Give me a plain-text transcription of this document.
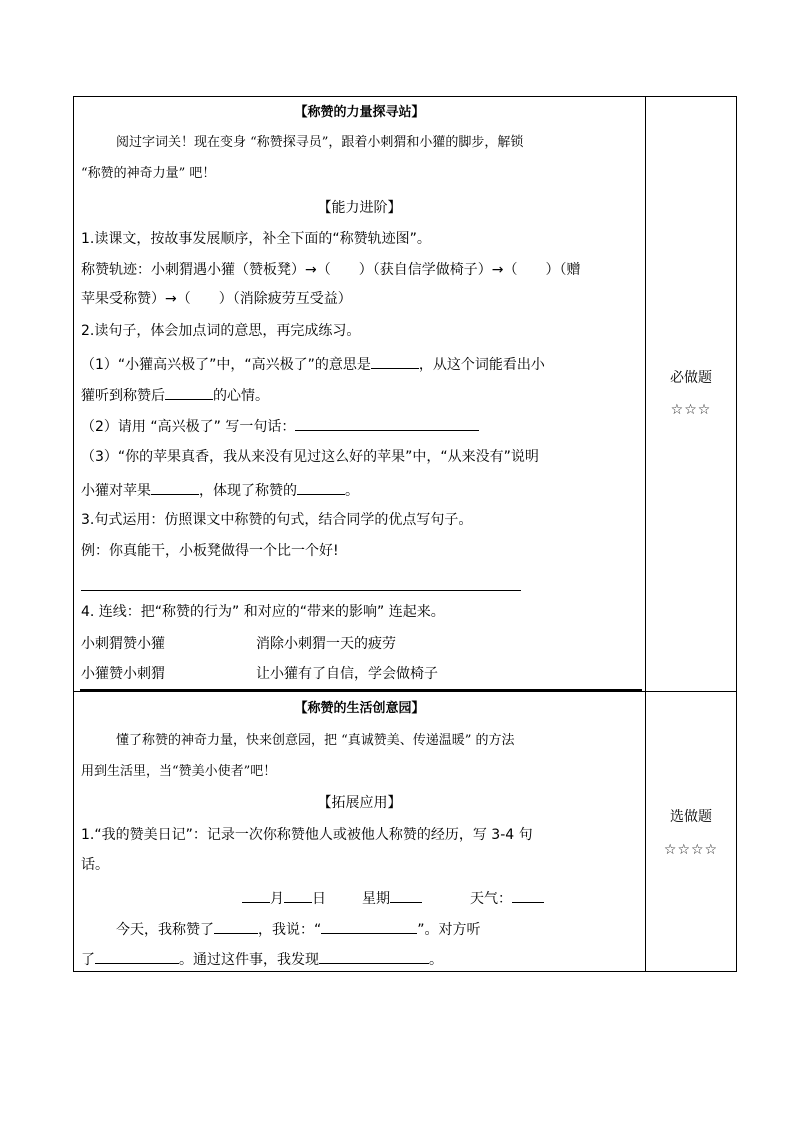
【称赞的力量探寻站】
阅过字词关！现在变身 “称赞探寻员”，跟着小刺猬和小獾的脚步，解锁
“称赞的神奇力量” 吧！
【能力进阶】
1.读课文，按故事发展顺序，补全下面的“称赞轨迹图”。
称赞轨迹：小刺猬遇小獾（赞板凳）→（　　）（获自信学做椅子）→（　　）（赠
苹果受称赞）→（　　）（消除疲劳互受益）
2.读句子，体会加点词的意思，再完成练习。
（1）“小獾高兴极了”中，“高兴极了”的意思是	，从这个词能看出小
獾听到称赞后	的心情。
（2）请用 “高兴极了” 写一句话：
（3）“你的苹果真香，我从来没有见过这么好的苹果”中，“从来没有”说明
小獾对苹果	，体现了称赞的	。
3.句式运用：仿照课文中称赞的句式，结合同学的优点写句子。
例：你真能干，小板凳做得一个比一个好!
4. 连线：把“称赞的行为” 和对应的“带来的影响” 连起来。
小刺猬赞小獾	消除小刺猬一天的疲劳
小獾赞小刺猬	让小獾有了自信，学会做椅子
必做题
☆☆☆
【称赞的生活创意园】
懂了称赞的神奇力量，快来创意园，把 “真诚赞美、传递温暖” 的方法
用到生活里，当“赞美小使者”吧！
【拓展应用】
1.“我的赞美日记”：记录一次你称赞他人或被他人称赞的经历，写 3-4 句
话。
月 日	星期	天气：
今天，我称赞了	，我说：“	”。对方听
了	。通过这件事，我发现	。
选做题
☆☆☆☆
